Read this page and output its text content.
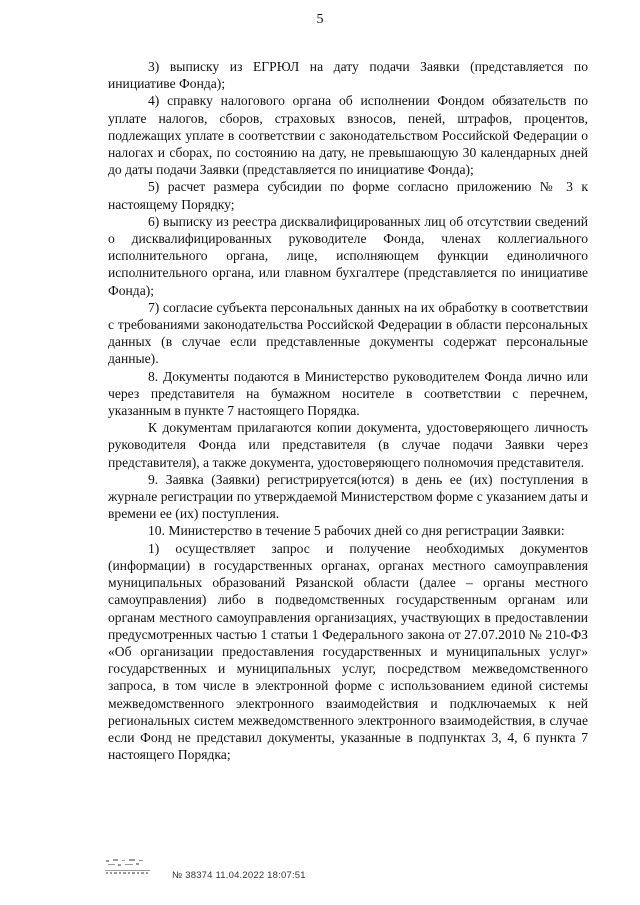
5

3) выписку из ЕГРЮЛ на дату подачи Заявки (представляется по инициативе Фонда);

4) справку налогового органа об исполнении Фондом обязательств по уплате налогов, сборов, страховых взносов, пеней, штрафов, процентов, подлежащих уплате в соответствии с законодательством Российской Федерации о налогах и сборах, по состоянию на дату, не превышающую 30 календарных дней до даты подачи Заявки (представляется по инициативе Фонда);

5) расчет размера субсидии по форме согласно приложению № 3 к настоящему Порядку;

6) выписку из реестра дисквалифицированных лиц об отсутствии сведений о дисквалифицированных руководителе Фонда, членах коллегиального исполнительного органа, лице, исполняющем функции единоличного исполнительного органа, или главном бухгалтере (представляется по инициативе Фонда);

7) согласие субъекта персональных данных на их обработку в соответствии с требованиями законодательства Российской Федерации в области персональных данных (в случае если представленные документы содержат персональные данные).

8. Документы подаются в Министерство руководителем Фонда лично или через представителя на бумажном носителе в соответствии с перечнем, указанным в пункте 7 настоящего Порядка.

К документам прилагаются копии документа, удостоверяющего личность руководителя Фонда или представителя (в случае подачи Заявки через представителя), а также документа, удостоверяющего полномочия представителя.

9. Заявка (Заявки) регистрируется(ются) в день ее (их) поступления в журнале регистрации по утверждаемой Министерством форме с указанием даты и времени ее (их) поступления.

10. Министерство в течение 5 рабочих дней со дня регистрации Заявки:

1) осуществляет запрос и получение необходимых документов (информации) в государственных органах, органах местного самоуправления муниципальных образований Рязанской области (далее – органы местного самоуправления) либо в подведомственных государственным органам или органам местного самоуправления организациях, участвующих в предоставлении предусмотренных частью 1 статьи 1 Федерального закона от 27.07.2010 № 210-ФЗ «Об организации предоставления государственных и муниципальных услуг» государственных и муниципальных услуг, посредством межведомственного запроса, в том числе в электронной форме с использованием единой системы межведомственного электронного взаимодействия и подключаемых к ней региональных систем межведомственного электронного взаимодействия, в случае если Фонд не представил документы, указанные в подпунктах 3, 4, 6 пункта 7 настоящего Порядка;

№ 38374 11.04.2022 18:07:51
